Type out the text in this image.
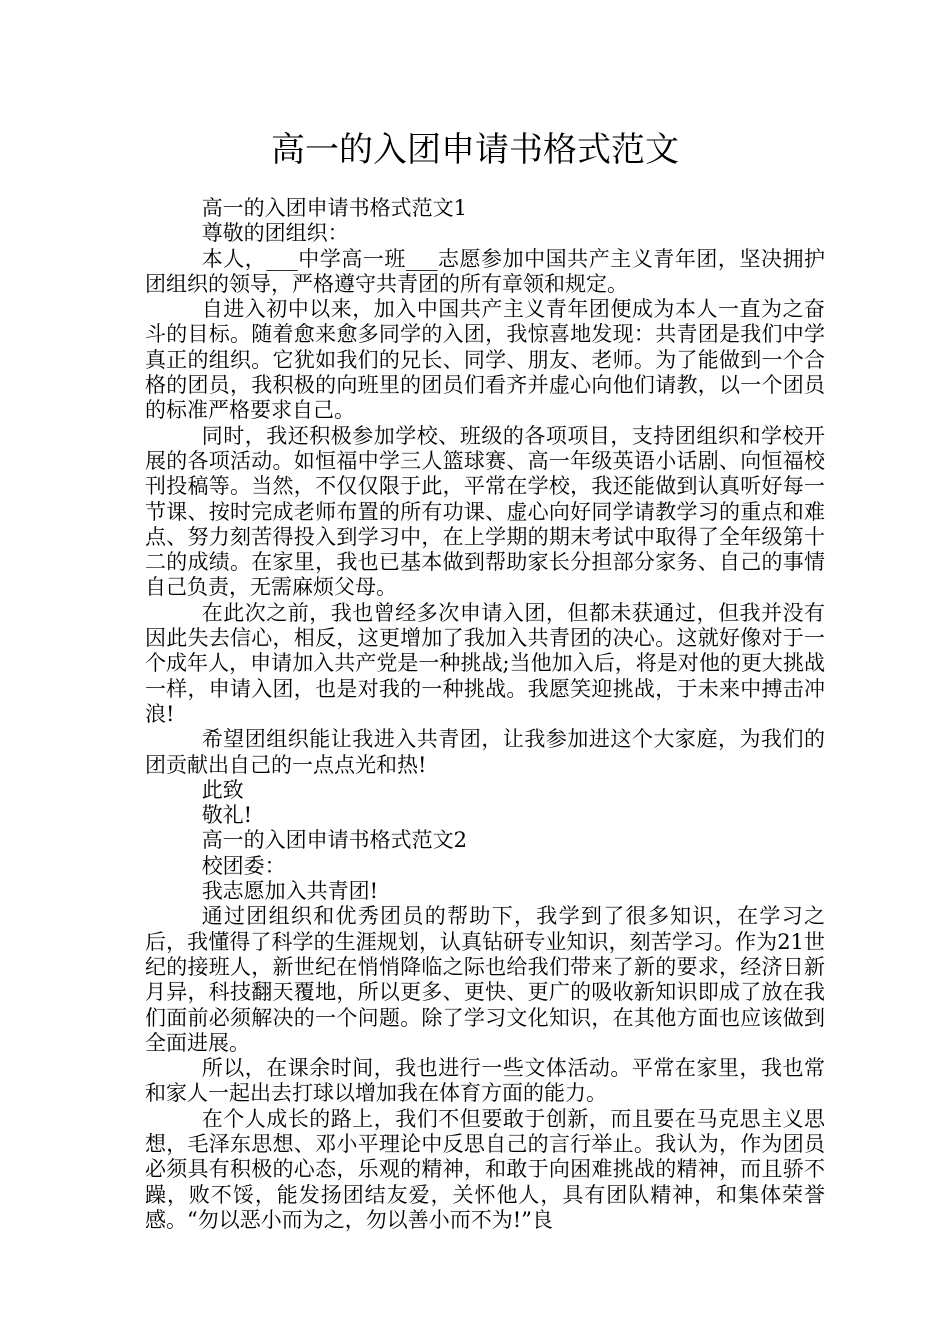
高一的入团申请书格式范文

高一的入团申请书格式范文1

尊敬的团组织：

本人，___中学高一班___志愿参加中国共产主义青年团，坚决拥护团组织的领导，严格遵守共青团的所有章领和规定。

自进入初中以来，加入中国共产主义青年团便成为本人一直为之奋斗的目标。随着愈来愈多同学的入团，我惊喜地发现：共青团是我们中学真正的组织。它犹如我们的兄长、同学、朋友、老师。为了能做到一个合格的团员，我积极的向班里的团员们看齐并虚心向他们请教，以一个团员的标准严格要求自己。

同时，我还积极参加学校、班级的各项项目，支持团组织和学校开展的各项活动。如恒福中学三人篮球赛、高一年级英语小话剧、向恒福校刊投稿等。当然，不仅仅限于此，平常在学校，我还能做到认真听好每一节课、按时完成老师布置的所有功课、虚心向好同学请教学习的重点和难点、努力刻苦得投入到学习中，在上学期的期末考试中取得了全年级第十二的成绩。在家里，我也已基本做到帮助家长分担部分家务、自己的事情自己负责，无需麻烦父母。

在此次之前，我也曾经多次申请入团，但都未获通过，但我并没有因此失去信心，相反，这更增加了我加入共青团的决心。这就好像对于一个成年人，申请加入共产党是一种挑战;当他加入后，将是对他的更大挑战一样，申请入团，也是对我的一种挑战。我愿笑迎挑战，于未来中搏击冲浪!

希望团组织能让我进入共青团，让我参加进这个大家庭，为我们的团贡献出自己的一点点光和热!

此致

敬礼!

高一的入团申请书格式范文2

校团委：

我志愿加入共青团!

通过团组织和优秀团员的帮助下，我学到了很多知识，在学习之后，我懂得了科学的生涯规划，认真钻研专业知识，刻苦学习。作为21世纪的接班人，新世纪在悄悄降临之际也给我们带来了新的要求，经济日新月异，科技翻天覆地，所以更多、更快、更广的吸收新知识即成了放在我们面前必须解决的一个问题。除了学习文化知识，在其他方面也应该做到全面进展。

所以，在课余时间，我也进行一些文体活动。平常在家里，我也常和家人一起出去打球以增加我在体育方面的能力。

在个人成长的路上，我们不但要敢于创新，而且要在马克思主义思想，毛泽东思想、邓小平理论中反思自己的言行举止。我认为，作为团员必须具有积极的心态，乐观的精神，和敢于向困难挑战的精神，而且骄不躁，败不馁，能发扬团结友爱，关怀他人，具有团队精神，和集体荣誉感。“勿以恶小而为之，勿以善小而不为!”良
